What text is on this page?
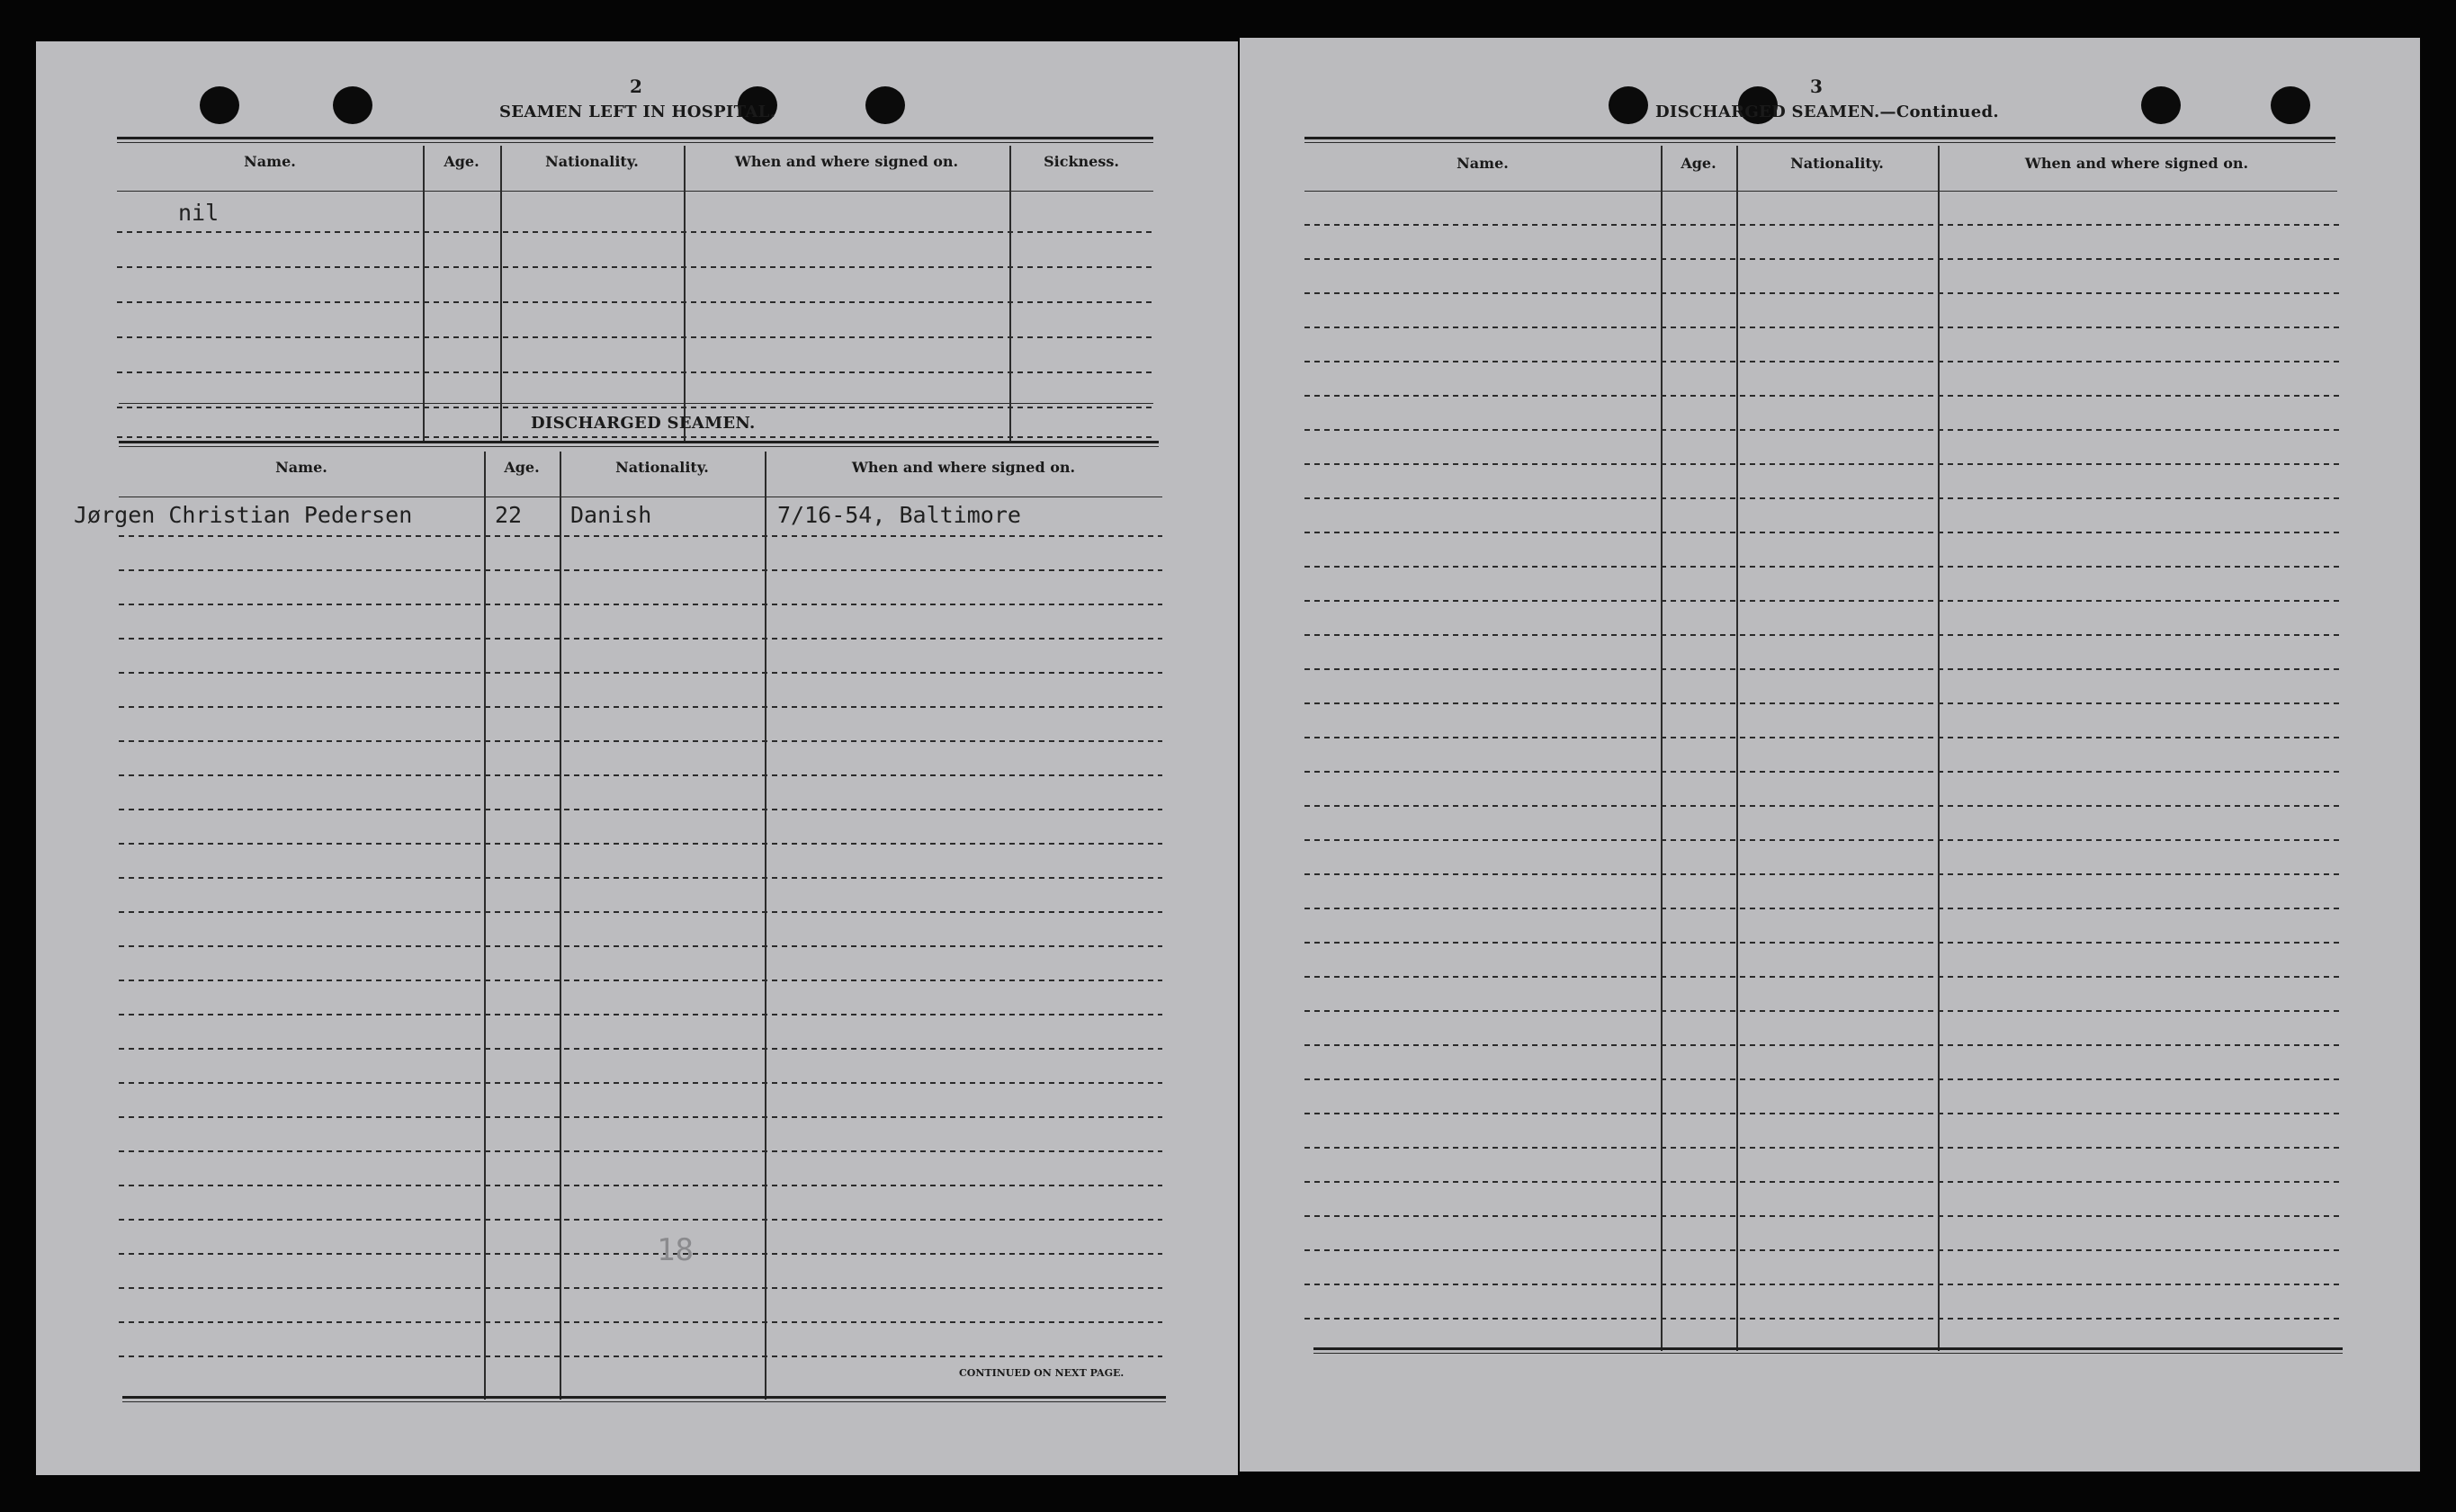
2
SEAMEN LEFT IN HOSPITAL.
Name.	Age.	Nationality.	When and where signed on.	Sickness.
nil
DISCHARGED SEAMEN.
Name.	Age.	Nationality.	When and where signed on.
Jørgen Christian Pedersen	22 Danish	7/16-54, Baltimore
18
CONTINUED ON NEXT PAGE.
3
DISCHARGED SEAMEN.—Continued.
Name.	Age.	Nationality.	When and where signed on.
